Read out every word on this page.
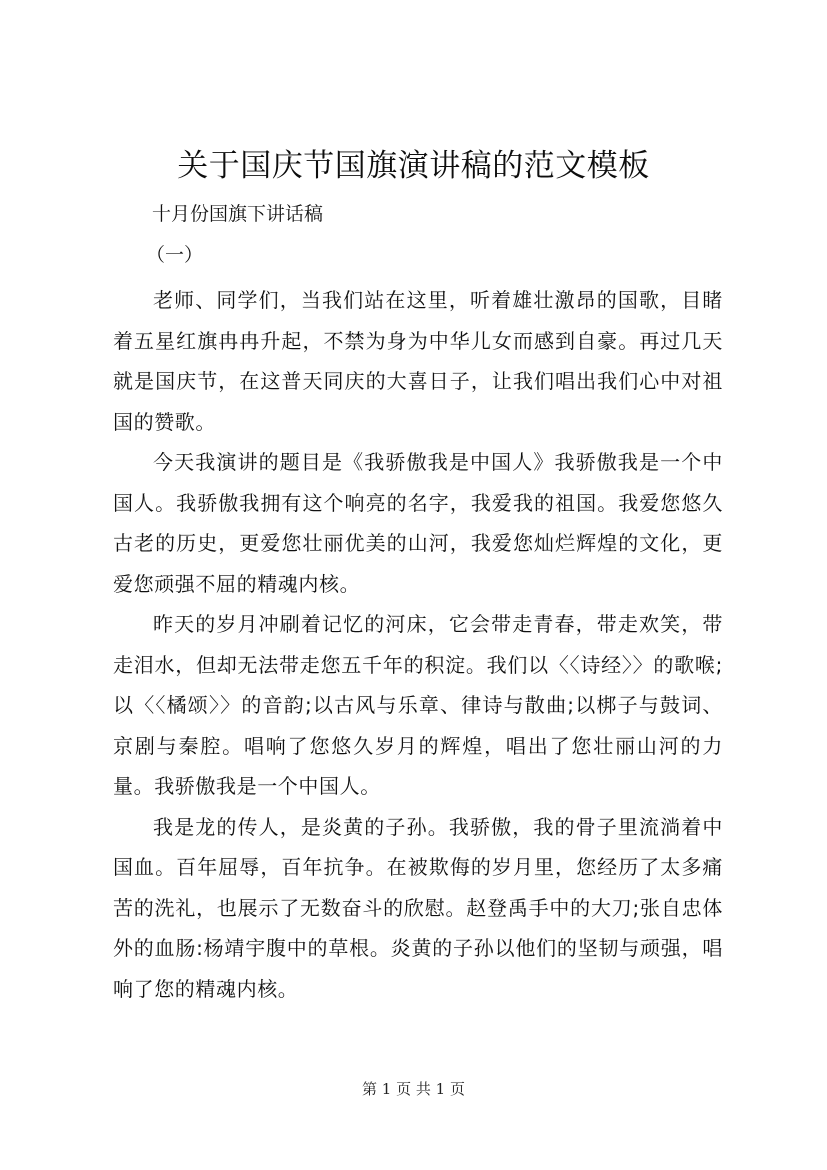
关于国庆节国旗演讲稿的范文模板
十月份国旗下讲话稿
（一）

老师、同学们，当我们站在这里，听着雄壮激昂的国歌，目睹着五星红旗冉冉升起，不禁为身为中华儿女而感到自豪。再过几天就是国庆节，在这普天同庆的大喜日子，让我们唱出我们心中对祖国的赞歌。

今天我演讲的题目是《我骄傲我是中国人》我骄傲我是一个中国人。我骄傲我拥有这个响亮的名字，我爱我的祖国。我爱您悠久古老的历史，更爱您壮丽优美的山河，我爱您灿烂辉煌的文化，更爱您顽强不屈的精魂内核。

昨天的岁月冲刷着记忆的河床，它会带走青春，带走欢笑，带走泪水，但却无法带走您五千年的积淀。我们以〈〈诗经〉〉的歌喉;以〈〈橘颂〉〉的音韵;以古风与乐章、律诗与散曲;以梆子与鼓词、京剧与秦腔。唱响了您悠久岁月的辉煌，唱出了您壮丽山河的力量。我骄傲我是一个中国人。

我是龙的传人，是炎黄的子孙。我骄傲，我的骨子里流淌着中国血。百年屈辱，百年抗争。在被欺侮的岁月里，您经历了太多痛苦的洗礼，也展示了无数奋斗的欣慰。赵登禹手中的大刀;张自忠体外的血肠:杨靖宇腹中的草根。炎黄的子孙以他们的坚韧与顽强，唱响了您的精魂内核。

第 1 页 共 1 页
